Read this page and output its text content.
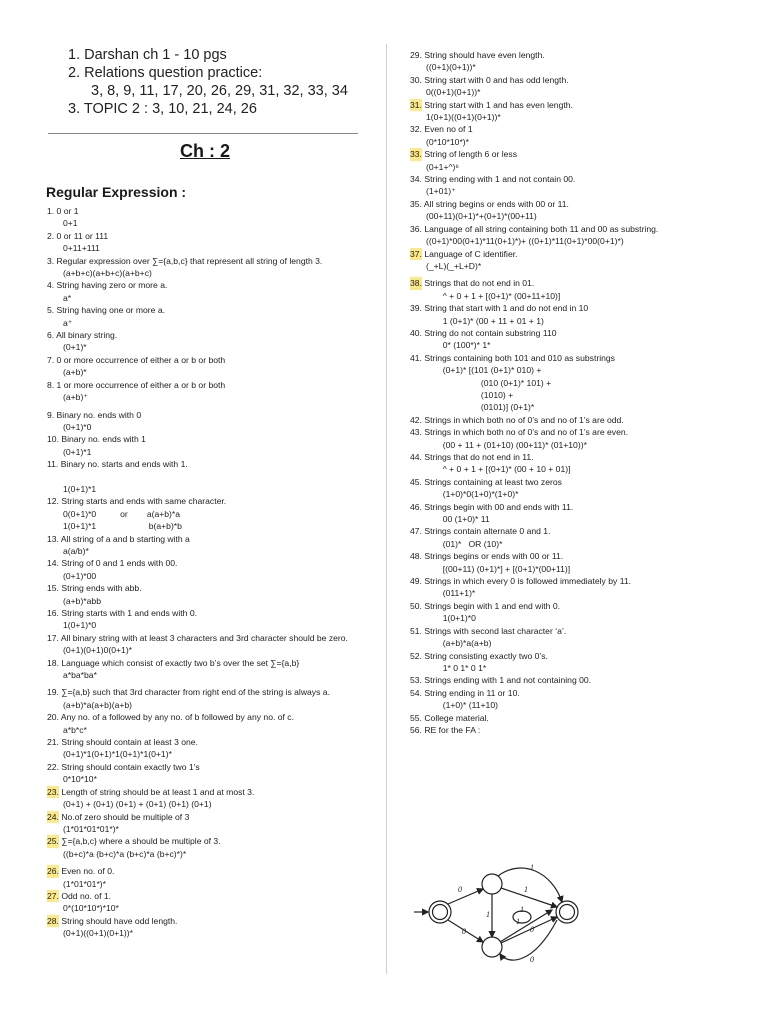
1. Darshan ch 1 - 10 pgs
2. Relations question practice:
3, 8, 9, 11, 17, 20, 26, 29, 31, 32, 33, 34
3. TOPIC 2 : 3, 10, 21, 24, 26
Ch : 2
Regular Expression :
1. 0 or 1
0+1
2. 0 or 11 or 111
0+11+111
3. Regular expression over ∑={a,b,c} that represent all string of length 3.
(a+b+c)(a+b+c)(a+b+c)
4. String having zero or more a.
a*
5. String having one or more a.
a⁺
6. All binary string.
(0+1)*
7. 0 or more occurrence of either a or b or both
(a+b)*
8. 1 or more occurrence of either a or b or both
(a+b)⁺
9. Binary no. ends with 0
(0+1)*0
10. Binary no. ends with 1
(0+1)*1
11. Binary no. starts and ends with 1.

1(0+1)*1
12. String starts and ends with same character.
0(0+1)*0          or        a(a+b)*a
1(0+1)*1                      b(a+b)*b
13. All string of a and b starting with a
a(a/b)*
14. String of 0 and 1 ends with 00.
(0+1)*00
15. String ends with abb.
(a+b)*abb
16. String starts with 1 and ends with 0.
1(0+1)*0
17. All binary string with at least 3 characters and 3rd character should be zero.
(0+1)(0+1)0(0+1)*
18. Language which consist of exactly two b’s over the set ∑={a,b}
a*ba*ba*
19. ∑={a,b} such that 3rd character from right end of the string is always a.
(a+b)*a(a+b)(a+b)
20. Any no. of a followed by any no. of b followed by any no. of c.
a*b*c*
21. String should contain at least 3 one.
(0+1)*1(0+1)*1(0+1)*1(0+1)*
22. String should contain exactly two 1’s
0*10*10*
23. Length of string should be at least 1 and at most 3.
(0+1) + (0+1) (0+1) + (0+1) (0+1) (0+1)
24. No.of zero should be multiple of 3
(1*01*01*01*)*
25. ∑={a,b,c} where a should be multiple of 3.
((b+c)*a (b+c)*a (b+c)*a (b+c)*)*
26. Even no. of 0.
(1*01*01*)*
27. Odd no. of 1.
0*(10*10*)*10*
28. String should have odd length.
(0+1)((0+1)(0+1))*
29. String should have even length.
((0+1)(0+1))*
30. String start with 0 and has odd length.
0((0+1)(0+1))*
31. String start with 1 and has even length.
1(0+1)((0+1)(0+1))*
32. Even no of 1
(0*10*10*)*
33. String of length 6 or less
(0+1+^)⁶
34. String ending with 1 and not contain 00.
(1+01)⁺
35. All string begins or ends with 00 or 11.
(00+11)(0+1)*+(0+1)*(00+11)
36. Language of all string containing both 11 and 00 as substring.
((0+1)*00(0+1)*11(0+1)*)+ ((0+1)*11(0+1)*00(0+1)*)
37. Language of C identifier.
(_+L)(_+L+D)*
38. Strings that do not end in 01.
^ + 0 + 1 + [(0+1)* (00+11+10)]
39. String that start with 1 and do not end in 10
1 (0+1)* (00 + 11 + 01 + 1)
40. String do not contain substring 110
0* (100*)* 1*
41. Strings containing both 101 and 010 as substrings
(0+1)* [(101 (0+1)* 010) +
(010 (0+1)* 101) +
(1010) +
(0101)] (0+1)*
42. Strings in which both no of 0’s and no of 1’s are odd.
43. Strings in which both no of 0’s and no of 1’s are even.
(00 + 11 + (01+10) (00+11)* (01+10))*
44. Strings that do not end in 11.
^ + 0 + 1 + [(0+1)* (00 + 10 + 01)]
45. Strings containing at least two zeros
(1+0)*0(1+0)*(1+0)*
46. Strings begin with 00 and ends with 11.
00 (1+0)* 11
47. Strings contain alternate 0 and 1.
(01)*   OR (10)*
48. Strings begins or ends with 00 or 11.
[(00+11) (0+1)*] + [(0+1)*(00+11)]
49. Strings in which every 0 is followed immediately by 11.
(011+1)*
50. Strings begin with 1 and end with 0.
1(0+1)*0
51. Strings with second last character ‘a’.
(a+b)*a(a+b)
52. String consisting exactly two 0’s.
1* 0 1* 0 1*
53. Strings ending with 1 and not containing 00.
54. String ending in 11 or 10.
(1+0)* (11+10)
55. College material.
56. RE for the FA :
0
0
1
1
0
1
0
1
1
